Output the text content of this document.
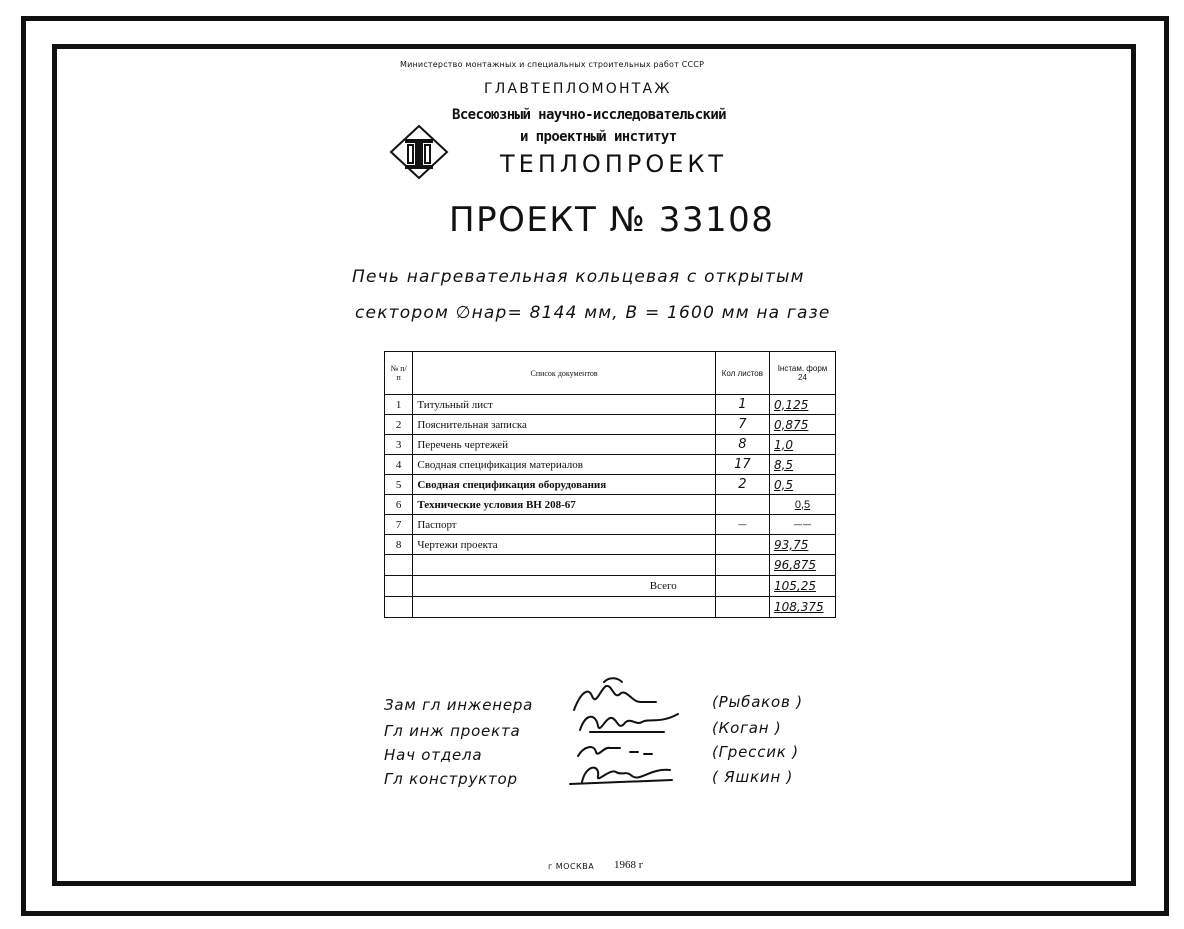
Министерство монтажных и специальных строительных работ СССР
ГЛАВТЕПЛОМОНТАЖ
Всесоюзный научно-исследовательский
и проектный институт
ТЕПЛОПРОЕКТ
ПРОЕКТ № 33108
Печь нагревательная кольцевая с открытым
сектором ∅нар= 8144 мм, В = 1600 мм на газе
№ п/п	Список документов	Кол листов	Iнстам. форм 24
1	Титульный лист	1	0,125
2	Пояснительная записка	7	0,875
3	Перечень чертежей	8	1,0
4	Сводная спецификация материалов	17	8,5
5	Сводная спецификация оборудования	2	0,5
6	Технические условия ВН 208-67		0,5
7	Паспорт	—	——
8	Чертежи проекта		93,75
			96,875
	Всего		105,25
			108,375
Зам гл инженера
Гл инж проекта
Нач отдела
Гл конструктор
(Рыбаков )
(Коган )
(Грессик )
( Яшкин )
г МОСКВА 1968 г
